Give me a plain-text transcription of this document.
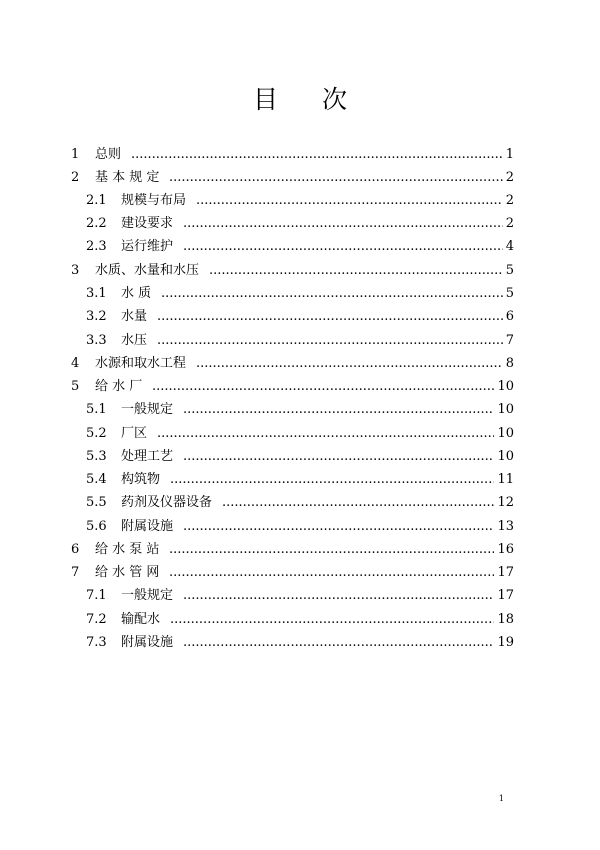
目 次
1 总则 .....	1
2 基 本 规 定 .....	2
2.1 规模与布局 .....	2
2.2 建设要求 .....	2
2.3 运行维护 .....	4
3 水质、水量和水压 .....	5
3.1 水 质 .....	5
3.2 水量 .....	6
3.3 水压 .....	7
4 水源和取水工程 .....	8
5 给 水 厂 .....	10
5.1 一般规定 .....	10
5.2 厂区 .....	10
5.3 处理工艺 .....	10
5.4 构筑物 .....	11
5.5 药剂及仪器设备 .....	12
5.6 附属设施 .....	13
6 给 水 泵 站 .....	16
7 给 水 管 网 .....	17
7.1 一般规定 .....	17
7.2 输配水 .....	18
7.3 附属设施 .....	19
1
